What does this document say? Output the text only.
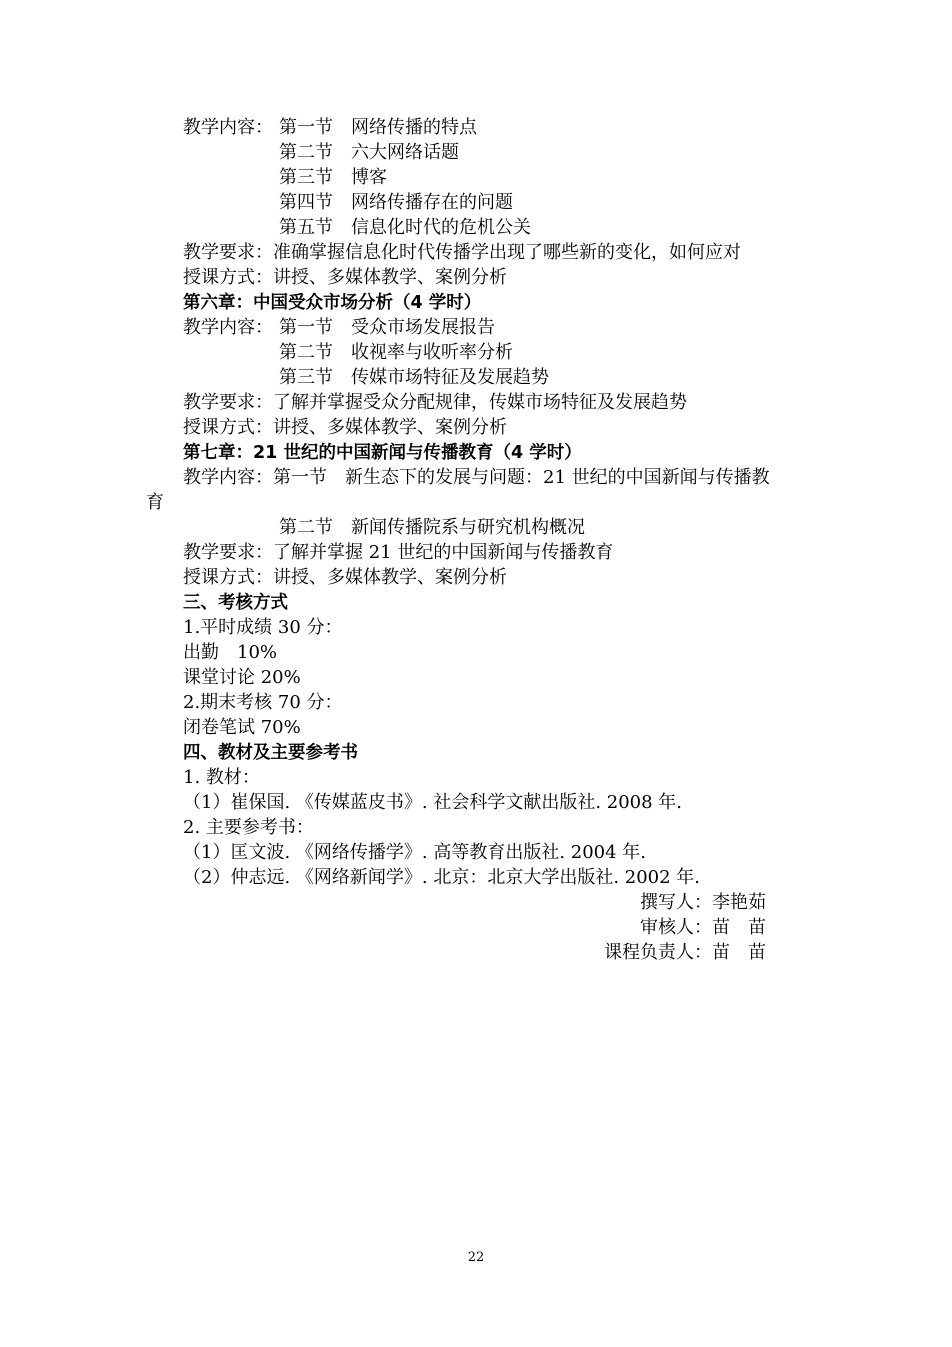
教学内容： 第一节　网络传播的特点
第二节　六大网络话题
第三节　博客
第四节　网络传播存在的问题
第五节　信息化时代的危机公关
教学要求：准确掌握信息化时代传播学出现了哪些新的变化，如何应对
授课方式：讲授、多媒体教学、案例分析
第六章：中国受众市场分析（4 学时）
教学内容： 第一节　受众市场发展报告
第二节　收视率与收听率分析
第三节　传媒市场特征及发展趋势
教学要求：了解并掌握受众分配规律，传媒市场特征及发展趋势
授课方式：讲授、多媒体教学、案例分析
第七章：21 世纪的中国新闻与传播教育（4 学时）
教学内容：第一节　新生态下的发展与问题：21 世纪的中国新闻与传播教
育
第二节　新闻传播院系与研究机构概况
教学要求：了解并掌握 21 世纪的中国新闻与传播教育
授课方式：讲授、多媒体教学、案例分析
三、考核方式
1.平时成绩 30 分：
出勤　10%
课堂讨论 20%
2.期末考核 70 分：
闭卷笔试 70%
四、教材及主要参考书
1. 教材：
（1）崔保国. 《传媒蓝皮书》. 社会科学文献出版社. 2008 年.
2. 主要参考书：
（1）匡文波. 《网络传播学》. 高等教育出版社. 2004 年.
（2）仲志远. 《网络新闻学》. 北京：北京大学出版社. 2002 年.
撰写人：李艳茹
审核人：苗　苗
课程负责人：苗　苗
22
